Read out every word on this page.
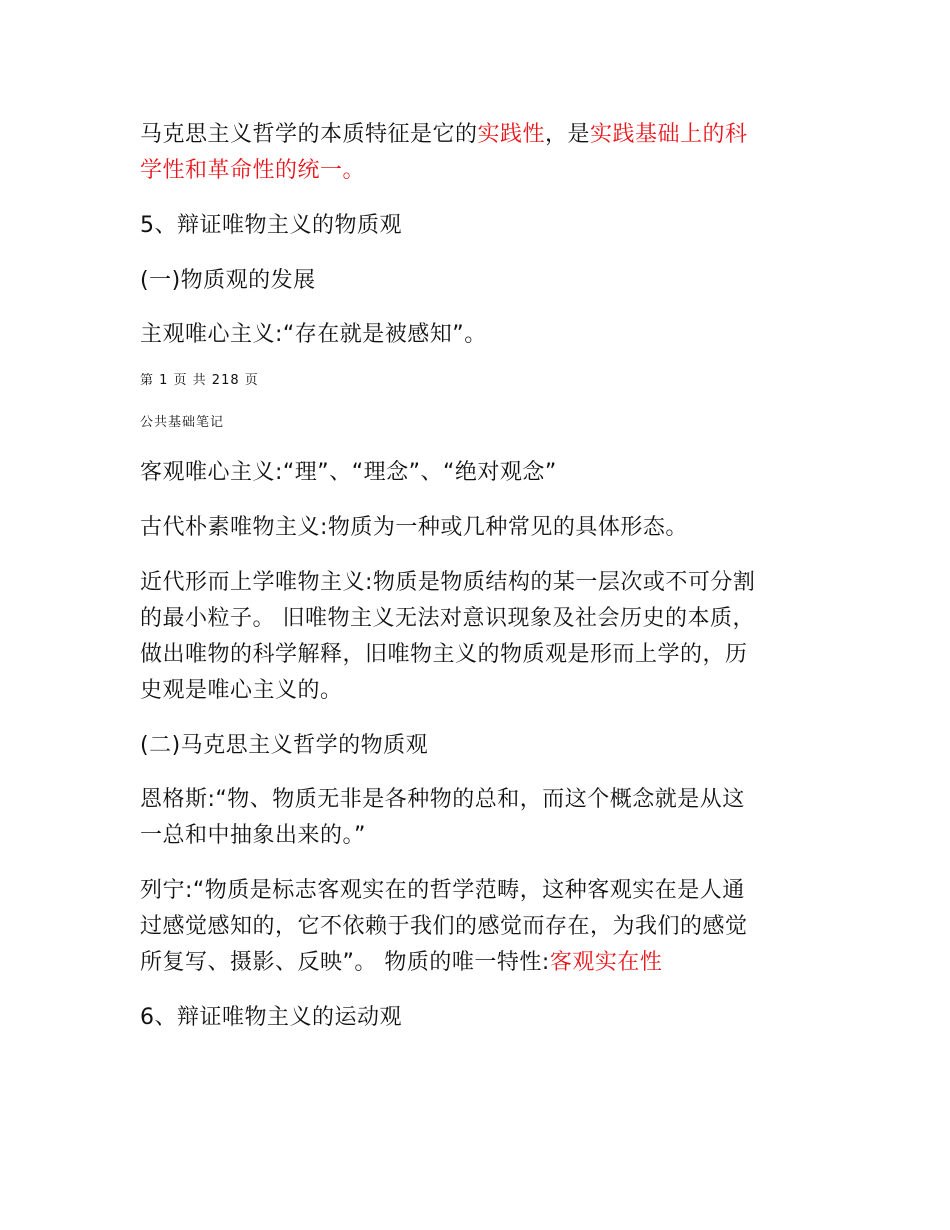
马克思主义哲学的本质特征是它的实践性，是实践基础上的科
学性和革命性的统一。
5、辩证唯物主义的物质观
(一)物质观的发展
主观唯心主义:“存在就是被感知”。
第 1 页 共 218 页
公共基础笔记
客观唯心主义:“理”、“理念”、“绝对观念”
古代朴素唯物主义:物质为一种或几种常见的具体形态。
近代形而上学唯物主义:物质是物质结构的某一层次或不可分割
的最小粒子。 旧唯物主义无法对意识现象及社会历史的本质，
做出唯物的科学解释，旧唯物主义的物质观是形而上学的，历
史观是唯心主义的。
(二)马克思主义哲学的物质观
恩格斯:“物、物质无非是各种物的总和，而这个概念就是从这
一总和中抽象出来的。”
列宁:“物质是标志客观实在的哲学范畴，这种客观实在是人通
过感觉感知的，它不依赖于我们的感觉而存在，为我们的感觉
所复写、摄影、反映”。 物质的唯一特性:客观实在性
6、辩证唯物主义的运动观
